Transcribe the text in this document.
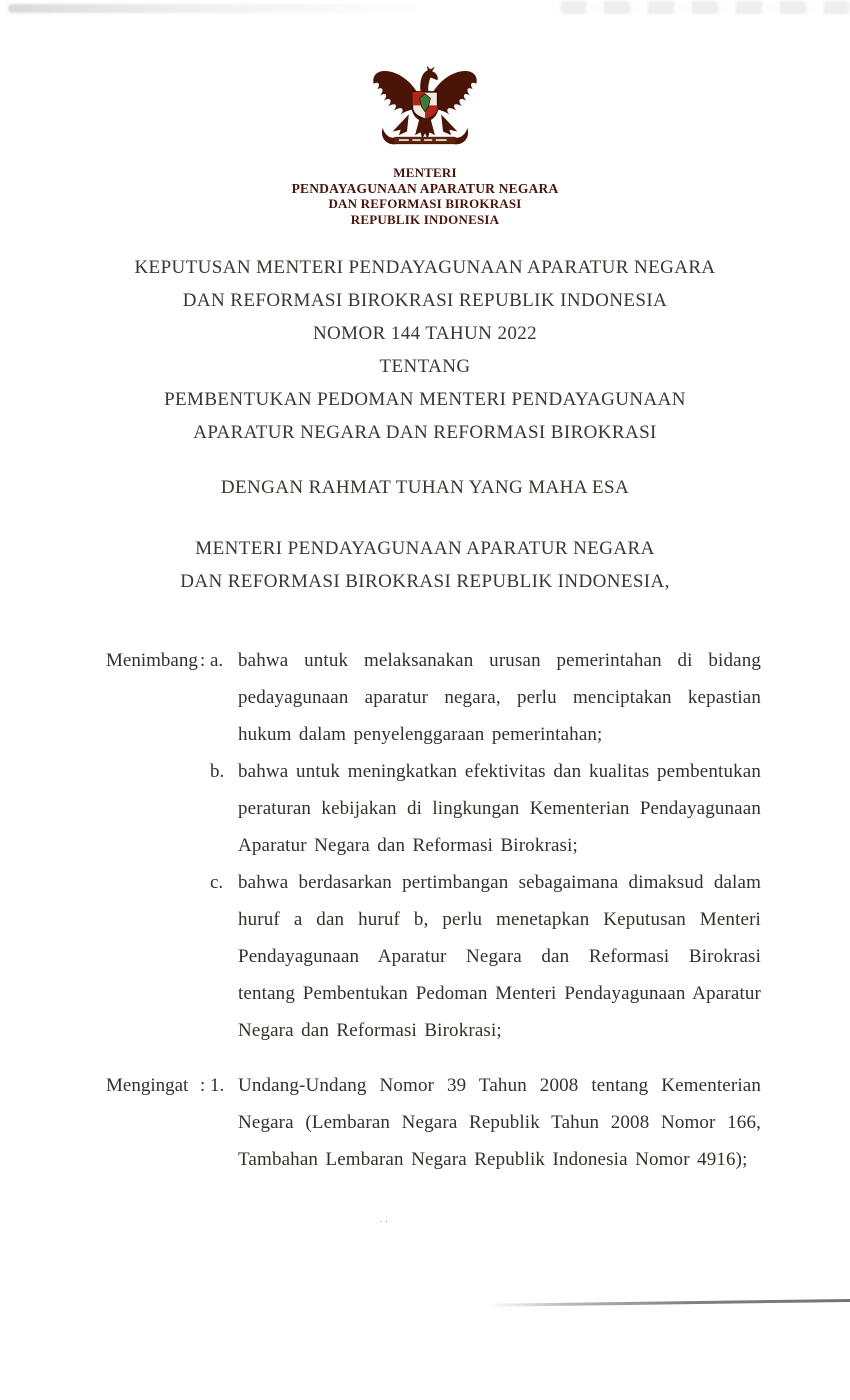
··
MENTERI
PENDAYAGUNAAN APARATUR NEGARA
DAN REFORMASI BIROKRASI
REPUBLIK INDONESIA
KEPUTUSAN MENTERI PENDAYAGUNAAN APARATUR NEGARA
DAN REFORMASI BIROKRASI REPUBLIK INDONESIA
NOMOR 144 TAHUN 2022
TENTANG
PEMBENTUKAN PEDOMAN MENTERI PENDAYAGUNAAN
APARATUR NEGARA DAN REFORMASI BIROKRASI
DENGAN RAHMAT TUHAN YANG MAHA ESA
MENTERI PENDAYAGUNAAN APARATUR NEGARA
DAN REFORMASI BIROKRASI REPUBLIK INDONESIA,
Menimbang : a. bahwa untuk melaksanakan urusan pemerintahan di bidang pedayagunaan aparatur negara, perlu menciptakan kepastian hukum dalam penyelenggaraan pemerintahan;
b. bahwa untuk meningkatkan efektivitas dan kualitas pembentukan peraturan kebijakan di lingkungan Kementerian Pendayagunaan Aparatur Negara dan Reformasi Birokrasi;
c. bahwa berdasarkan pertimbangan sebagaimana dimaksud dalam huruf a dan huruf b, perlu menetapkan Keputusan Menteri Pendayagunaan Aparatur Negara dan Reformasi Birokrasi tentang Pembentukan Pedoman Menteri Pendayagunaan Aparatur Negara dan Reformasi Birokrasi;
Mengingat : 1. Undang-Undang Nomor 39 Tahun 2008 tentang Kementerian Negara (Lembaran Negara Republik Tahun 2008 Nomor 166, Tambahan Lembaran Negara Republik Indonesia Nomor 4916);
